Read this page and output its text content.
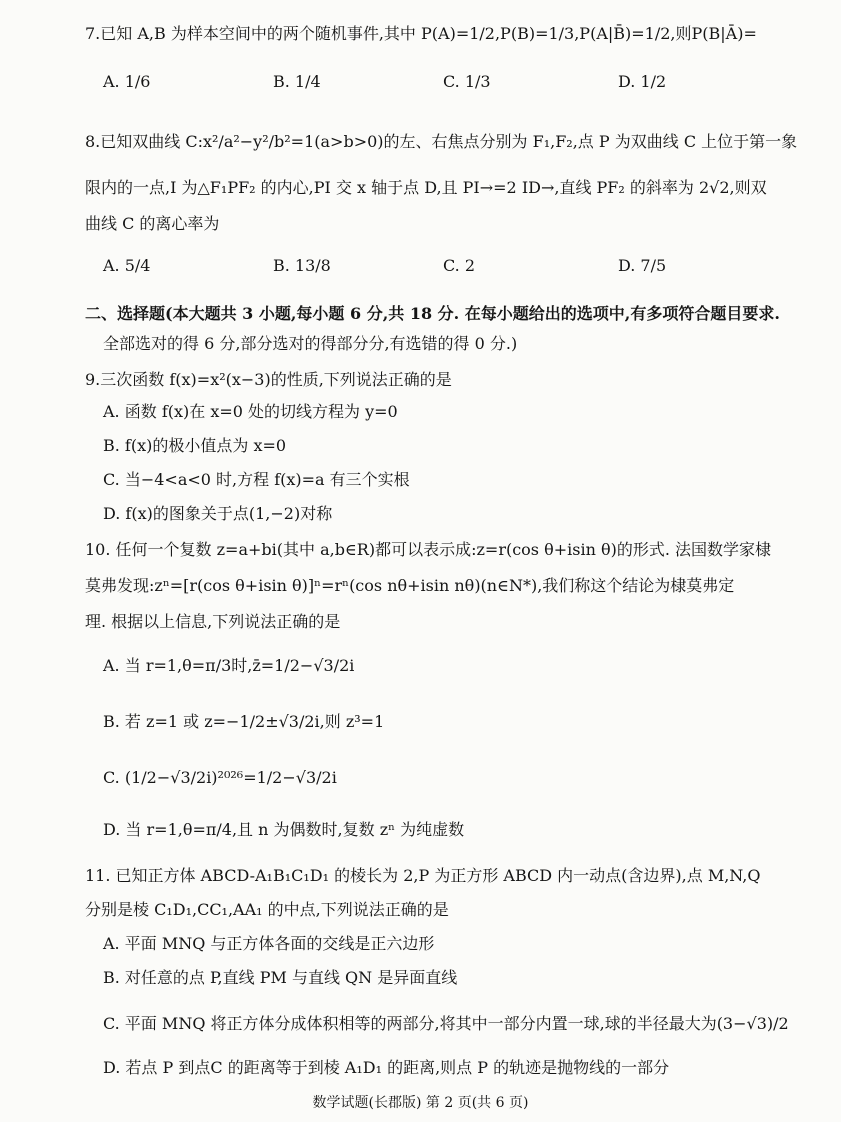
7.已知 A,B 为样本空间中的两个随机事件,其中 P(A)=1/2,P(B)=1/3,P(A|B̄)=1/2,则P(B|Ā)=
A. 1/6	B. 1/4	C. 1/3	D. 1/2
8.已知双曲线 C:x²/a²−y²/b²=1(a>b>0)的左、右焦点分别为 F₁,F₂,点 P 为双曲线 C 上位于第一象
限内的一点,I 为△F₁PF₂ 的内心,PI 交 x 轴于点 D,且 PI→=2 ID→,直线 PF₂ 的斜率为 2√2,则双
曲线 C 的离心率为
A. 5/4	B. 13/8	C. 2	D. 7/5
二、选择题(本大题共 3 小题,每小题 6 分,共 18 分. 在每小题给出的选项中,有多项符合题目要求.
全部选对的得 6 分,部分选对的得部分分,有选错的得 0 分.)
9.三次函数 f(x)=x²(x−3)的性质,下列说法正确的是
A. 函数 f(x)在 x=0 处的切线方程为 y=0
B. f(x)的极小值点为 x=0
C. 当−4<a<0 时,方程 f(x)=a 有三个实根
D. f(x)的图象关于点(1,−2)对称
10. 任何一个复数 z=a+bi(其中 a,b∈R)都可以表示成:z=r(cos θ+isin θ)的形式. 法国数学家棣
莫弗发现:zⁿ=[r(cos θ+isin θ)]ⁿ=rⁿ(cos nθ+isin nθ)(n∈N*),我们称这个结论为棣莫弗定
理. 根据以上信息,下列说法正确的是
A. 当 r=1,θ=π/3时,z̄=1/2−√3/2i
B. 若 z=1 或 z=−1/2±√3/2i,则 z³=1
C. (1/2−√3/2i)²⁰²⁶=1/2−√3/2i
D. 当 r=1,θ=π/4,且 n 为偶数时,复数 zⁿ 为纯虚数
11. 已知正方体 ABCD-A₁B₁C₁D₁ 的棱长为 2,P 为正方形 ABCD 内一动点(含边界),点 M,N,Q
分别是棱 C₁D₁,CC₁,AA₁ 的中点,下列说法正确的是
A. 平面 MNQ 与正方体各面的交线是正六边形
B. 对任意的点 P,直线 PM 与直线 QN 是异面直线
C. 平面 MNQ 将正方体分成体积相等的两部分,将其中一部分内置一球,球的半径最大为(3−√3)/2
D. 若点 P 到点C 的距离等于到棱 A₁D₁ 的距离,则点 P 的轨迹是抛物线的一部分
数学试题(长郡版) 第 2 页(共 6 页)
